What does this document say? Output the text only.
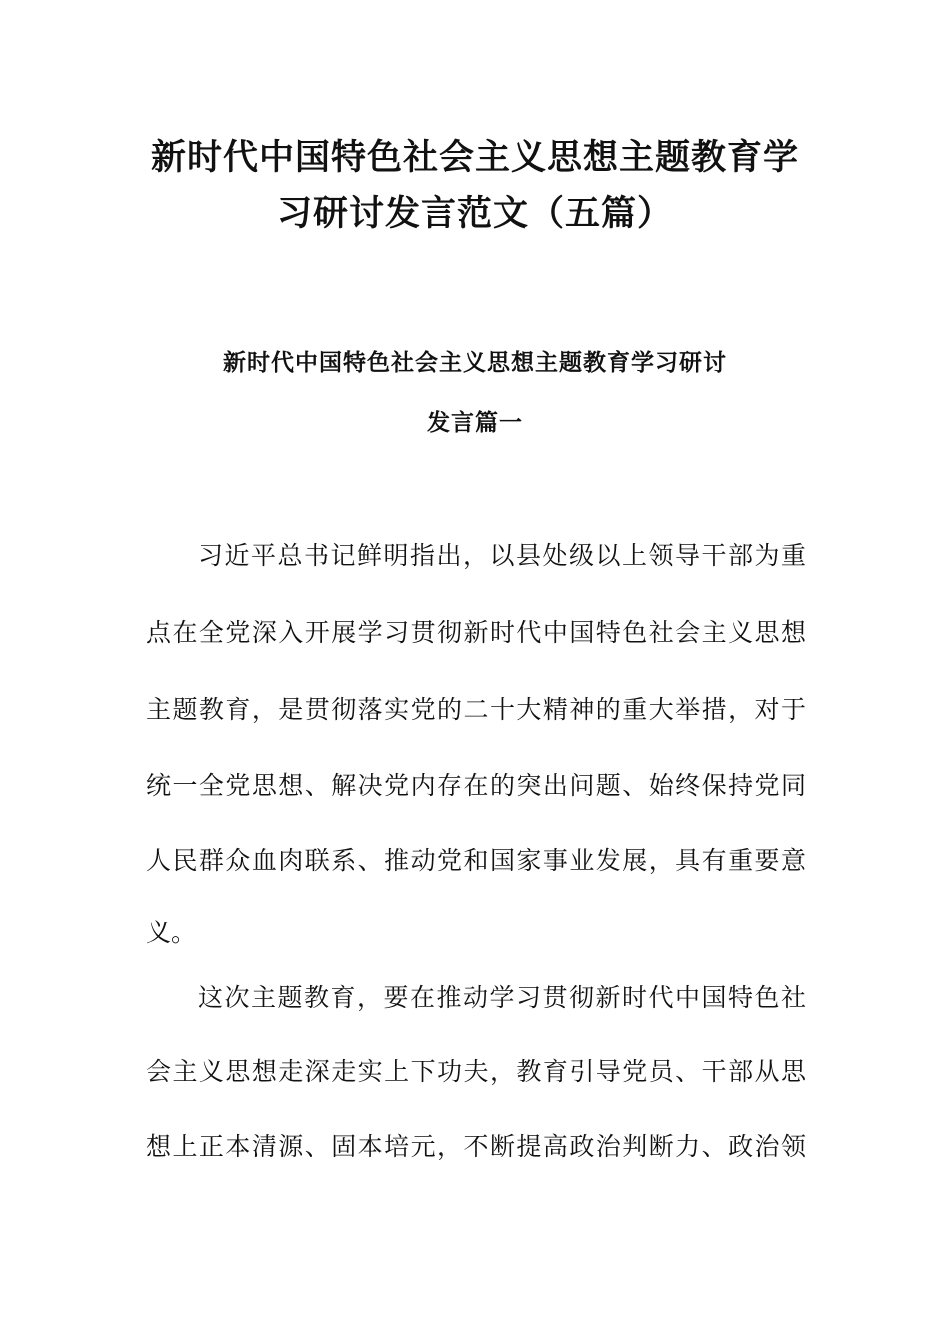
新时代中国特色社会主义思想主题教育学
习研讨发言范文（五篇）
新时代中国特色社会主义思想主题教育学习研讨
发言篇一
习近平总书记鲜明指出，以县处级以上领导干部为重
点在全党深入开展学习贯彻新时代中国特色社会主义思想
主题教育，是贯彻落实党的二十大精神的重大举措，对于
统一全党思想、解决党内存在的突出问题、始终保持党同
人民群众血肉联系、推动党和国家事业发展，具有重要意
义。
这次主题教育，要在推动学习贯彻新时代中国特色社
会主义思想走深走实上下功夫，教育引导党员、干部从思
想上正本清源、固本培元，不断提高政治判断力、政治领
